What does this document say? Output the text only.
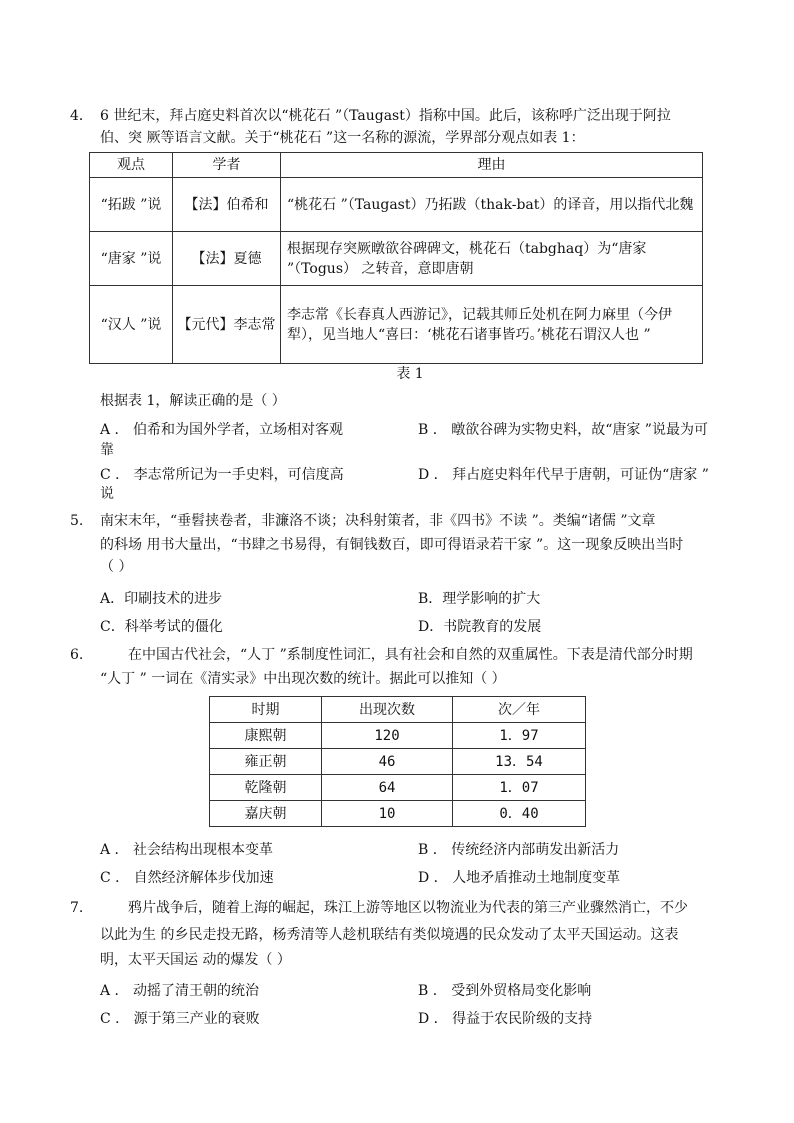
4． 6 世纪末，拜占庭史料首次以“桃花石 ”（Taugast）指称中国。此后，该称呼广泛出现于阿拉
伯、突 厥等语言文献。关于“桃花石 ”这一名称的源流，学界部分观点如表 1：
观点	学者	理由
“拓跋 ”说	【法】伯希和	“桃花石 ”（Taugast）乃拓跋（thak-bat）的译音，用以指代北魏
“唐家 ”说	【法】夏德	根据现存突厥暾欲谷碑碑文，桃花石（tabghaq）为“唐家 ”（Togus） 之转音，意即唐朝
“汉人 ”说	【元代】李志常	李志常《长春真人西游记》，记载其师丘处机在阿力麻里（今伊犁），见当地人“喜曰：‘桃花石诸事皆巧。’桃花石谓汉人也 ”
表 1
根据表 1，解读正确的是（ ）
A ． 伯希和为国外学者，立场相对客观	B ． 暾欲谷碑为实物史料，故“唐家 ”说最为可
靠
C ． 李志常所记为一手史料，可信度高	D ． 拜占庭史料年代早于唐朝，可证伪“唐家 ”
说
5. 南宋末年，“垂髫挟卷者，非濂洛不谈；决科射策者，非《四书》不读 ”。类编“诸儒 ”文章
的科场 用书大量出，“书肆之书易得，有铜钱数百，即可得语录若干家 ”。这一现象反映出当时
（ ）
A．印刷技术的进步	B．理学影响的扩大
C．科举考试的僵化	D．书院教育的发展
6.	在中国古代社会，“人丁 ”系制度性词汇，具有社会和自然的双重属性。下表是清代部分时期
“人丁 ” 一词在《清实录》中出现次数的统计。据此可以推知（ ）
时期	出现次数	次／年
康熙朝	120	1．97
雍正朝	46	13．54
乾隆朝	64	1．07
嘉庆朝	10	0．40
A ． 社会结构出现根本变革	B ． 传统经济内部萌发出新活力
C ． 自然经济解体步伐加速	D ． 人地矛盾推动土地制度变革
7.	鸦片战争后，随着上海的崛起，珠江上游等地区以物流业为代表的第三产业骤然消亡，不少
以此为生 的乡民走投无路，杨秀清等人趁机联结有类似境遇的民众发动了太平天国运动。这表
明，太平天国运 动的爆发（ ）
A ． 动摇了清王朝的统治	B ． 受到外贸格局变化影响
C ． 源于第三产业的衰败	D ． 得益于农民阶级的支持
